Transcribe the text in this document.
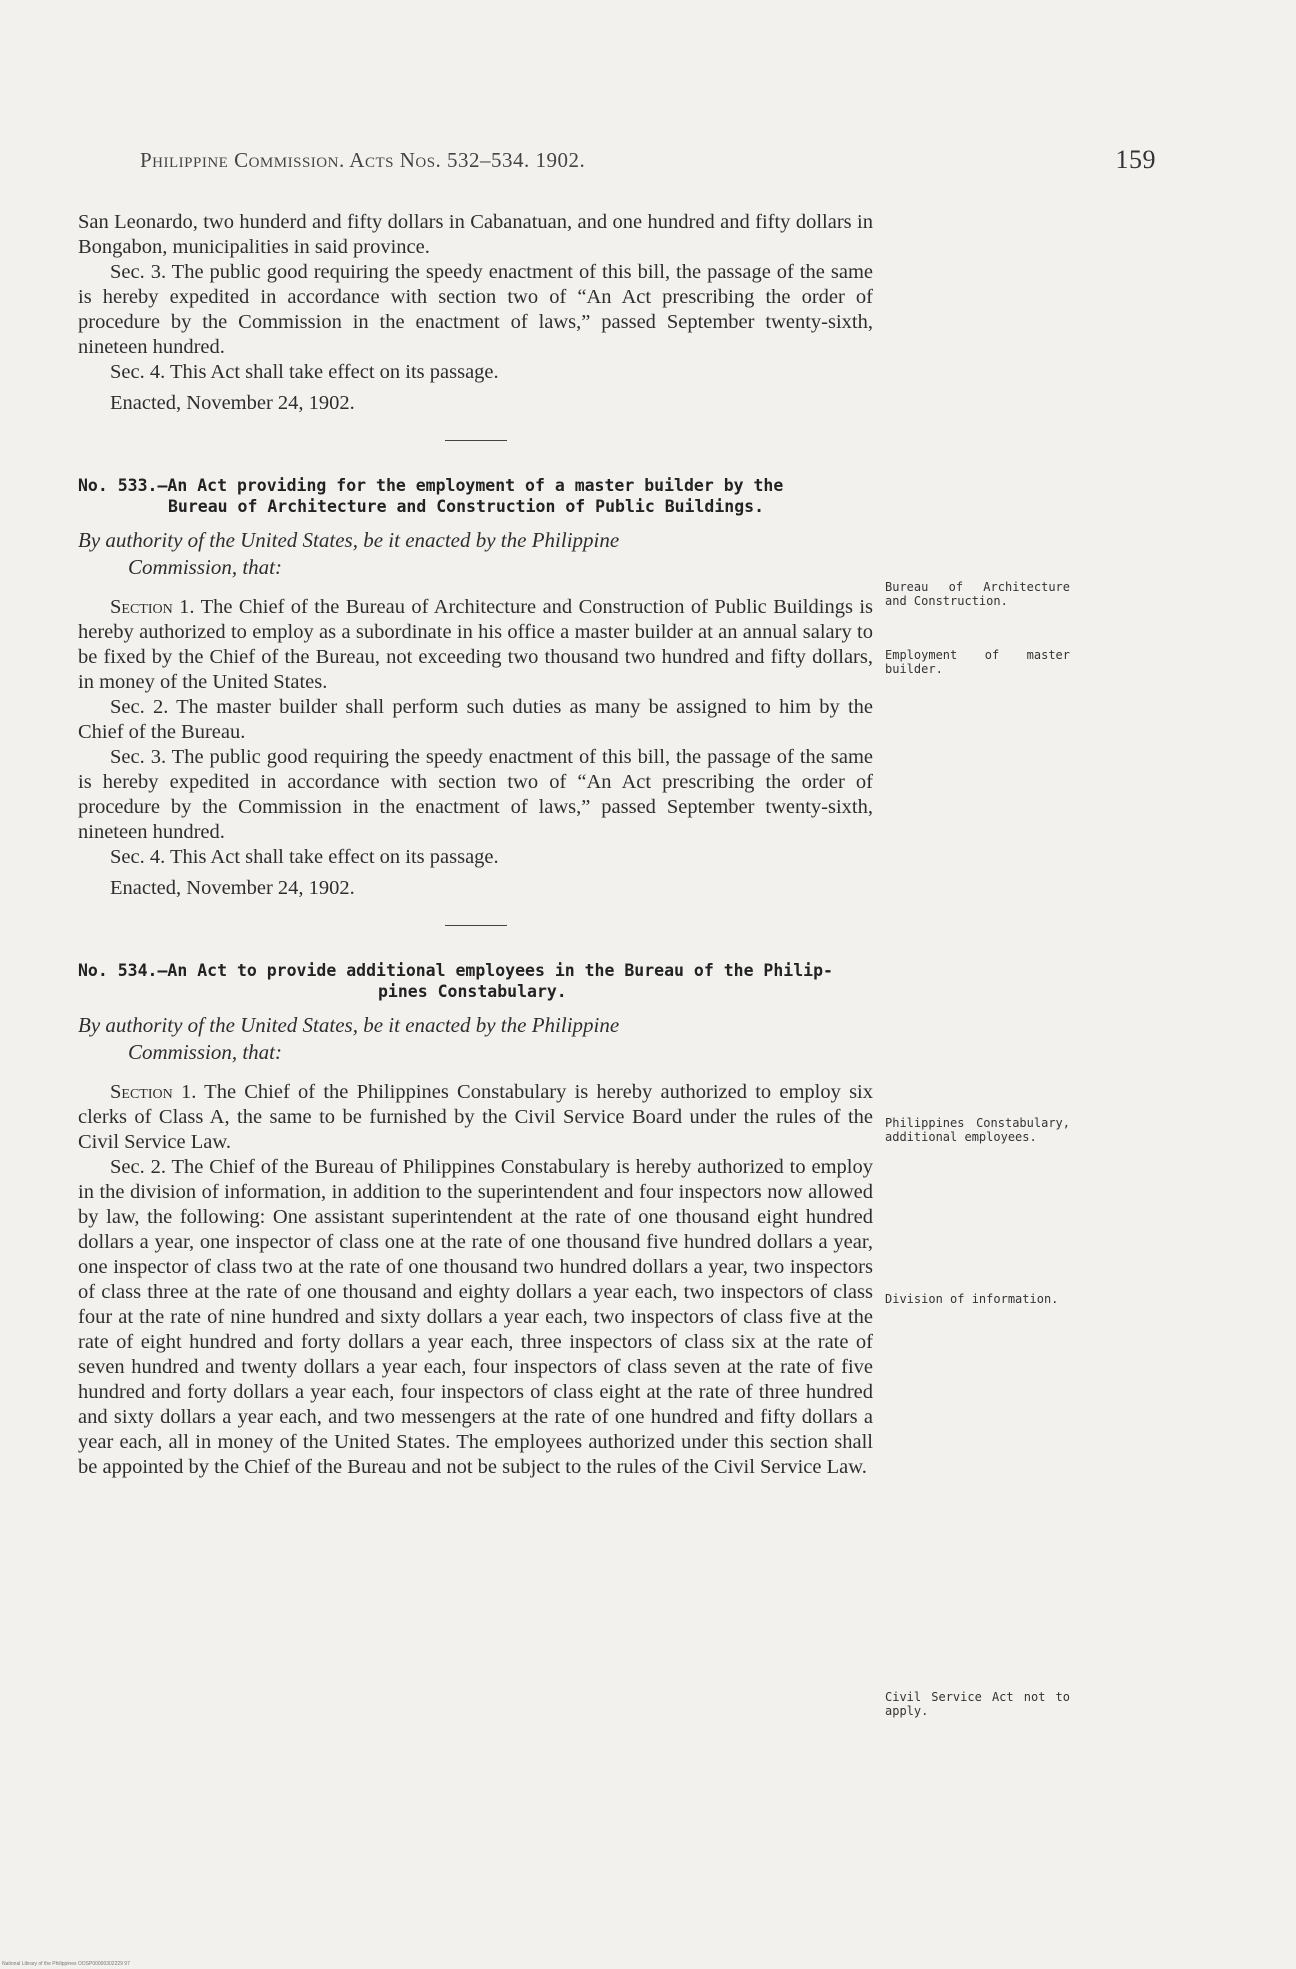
Philippine Commission. Acts Nos. 532–534. 1902.	159

San Leonardo, two hunderd and fifty dollars in Cabanatuan, and one hundred and fifty dollars in Bongabon, municipalities in said province.

Sec. 3. The public good requiring the speedy enactment of this bill, the passage of the same is hereby expedited in accordance with section two of “An Act prescribing the order of procedure by the Commission in the enactment of laws,” passed September twenty-sixth, nineteen hundred.

Sec. 4. This Act shall take effect on its passage.

Enacted, November 24, 1902.

No. 533.—An Act providing for the employment of a master builder by the
Bureau of Architecture and Construction of Public Buildings.

By authority of the United States, be it enacted by the Philippine
Commission, that:

Section 1. The Chief of the Bureau of Architecture and Construction of Public Buildings is hereby authorized to employ as a subordinate in his office a master builder at an annual salary to be fixed by the Chief of the Bureau, not exceeding two thousand two hundred and fifty dollars, in money of the United States.

Sec. 2. The master builder shall perform such duties as many be assigned to him by the Chief of the Bureau.

Sec. 3. The public good requiring the speedy enactment of this bill, the passage of the same is hereby expedited in accordance with section two of “An Act prescribing the order of procedure by the Commission in the enactment of laws,” passed September twenty-sixth, nineteen hundred.

Sec. 4. This Act shall take effect on its passage.

Enacted, November 24, 1902.

No. 534.—An Act to provide additional employees in the Bureau of the Philip-
pines Constabulary.

By authority of the United States, be it enacted by the Philippine
Commission, that:

Section 1. The Chief of the Philippines Constabulary is hereby authorized to employ six clerks of Class A, the same to be furnished by the Civil Service Board under the rules of the Civil Service Law.

Sec. 2. The Chief of the Bureau of Philippines Constabulary is hereby authorized to employ in the division of information, in addition to the superintendent and four inspectors now allowed by law, the following: One assistant superintendent at the rate of one thousand eight hundred dollars a year, one inspector of class one at the rate of one thousand five hundred dollars a year, one inspector of class two at the rate of one thousand two hundred dollars a year, two inspectors of class three at the rate of one thousand and eighty dollars a year each, two inspectors of class four at the rate of nine hundred and sixty dollars a year each, two inspectors of class five at the rate of eight hundred and forty dollars a year each, three inspectors of class six at the rate of seven hundred and twenty dollars a year each, four inspectors of class seven at the rate of five hundred and forty dollars a year each, four inspectors of class eight at the rate of three hundred and sixty dollars a year each, and two messengers at the rate of one hundred and fifty dollars a year each, all in money of the United States. The employees authorized under this section shall be appointed by the Chief of the Bureau and not be subject to the rules of the Civil Service Law.

Bureau of Architecture and Construction.
Employment of master builder.
Philippines Constabulary, additional employees.
Division of information.
Civil Service Act not to apply.
National Library of the Philippines OOSP00000302229 97
